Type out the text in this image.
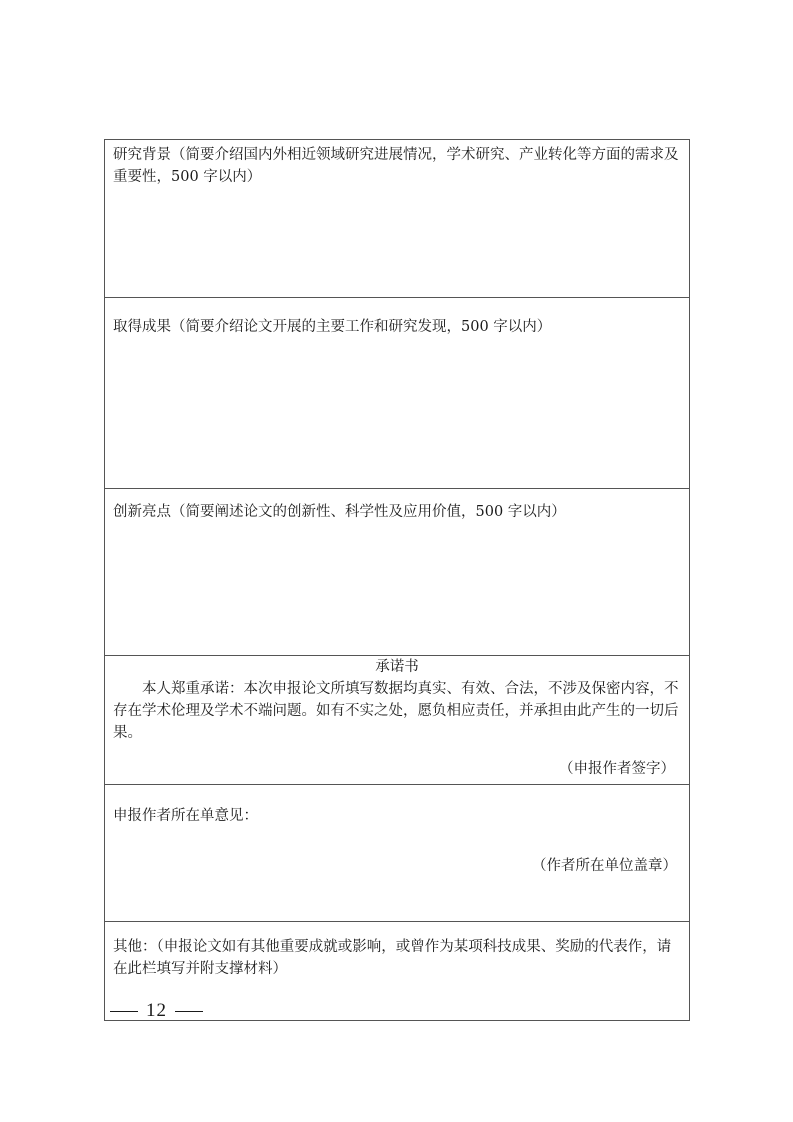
研究背景（简要介绍国内外相近领域研究进展情况，学术研究、产业转化等方面的需求及重要性，500 字以内）

取得成果（简要介绍论文开展的主要工作和研究发现，500 字以内）

创新亮点（简要阐述论文的创新性、科学性及应用价值，500 字以内）

承诺书

本人郑重承诺：本次申报论文所填写数据均真实、有效、合法，不涉及保密内容，不存在学术伦理及学术不端问题。如有不实之处，愿负相应责任，并承担由此产生的一切后果。

（申报作者签字）

申报作者所在单意见：
（作者所在单位盖章）

其他：（申报论文如有其他重要成就或影响，或曾作为某项科技成果、奖励的代表作，请在此栏填写并附支撑材料）
12
